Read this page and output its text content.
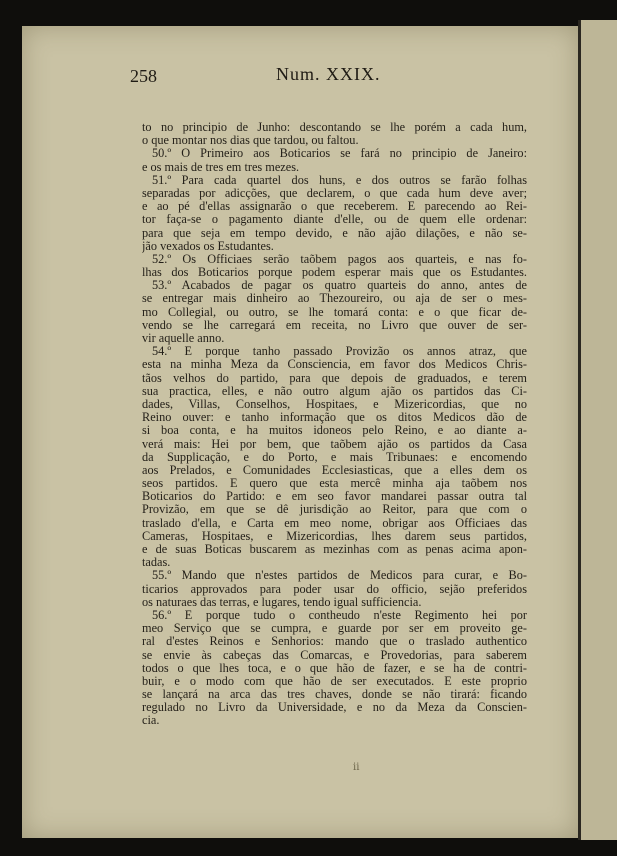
258	Num. XXIX.
to no principio de Junho: descontando se lhe porém a cada hum,
o que montar nos dias que tardou, ou faltou.
50.º O Primeiro aos Boticarios se fará no principio de Janeiro:
e os mais de tres em tres mezes.
51.º Para cada quartel dos huns, e dos outros se farão folhas
separadas por adicções, que declarem, o que cada hum deve aver;
e ao pé d'ellas assignarão o que receberem. E parecendo ao Rei-
tor faça-se o pagamento diante d'elle, ou de quem elle ordenar:
para que seja em tempo devido, e não ajão dilações, e não se-
jão vexados os Estudantes.
52.º Os Officiaes serão taõbem pagos aos quarteis, e nas fo-
lhas dos Boticarios porque podem esperar mais que os Estudantes.
53.º Acabados de pagar os quatro quarteis do anno, antes de
se entregar mais dinheiro ao Thezoureiro, ou aja de ser o mes-
mo Collegial, ou outro, se lhe tomará conta: e o que ficar de-
vendo se lhe carregará em receita, no Livro que ouver de ser-
vir aquelle anno.
54.º E porque tanho passado Provizão os annos atraz, que
esta na minha Meza da Consciencia, em favor dos Medicos Chris-
tãos velhos do partido, para que depois de graduados, e terem
sua practica, elles, e não outro algum ajão os partidos das Ci-
dades, Villas, Conselhos, Hospitaes, e Mizericordias, que no
Reino ouver: e tanho informação que os ditos Medicos dão de
si boa conta, e ha muitos idoneos pelo Reino, e ao diante a-
verá mais: Hei por bem, que taõbem ajão os partidos da Casa
da Supplicação, e do Porto, e mais Tribunaes: e encomendo
aos Prelados, e Comunidades Ecclesiasticas, que a elles dem os
seos partidos. E quero que esta mercê minha aja taõbem nos
Boticarios do Partido: e em seo favor mandarei passar outra tal
Provizão, em que se dê jurisdição ao Reitor, para que com o
traslado d'ella, e Carta em meo nome, obrigar aos Officiaes das
Cameras, Hospitaes, e Mizericordias, lhes darem seus partidos,
e de suas Boticas buscarem as mezinhas com as penas acima apon-
tadas.
55.º Mando que n'estes partidos de Medicos para curar, e Bo-
ticarios approvados para poder usar do officio, sejão preferidos
os naturaes das terras, e lugares, tendo igual sufficiencia.
56.º E porque tudo o contheudo n'este Regimento hei por
meo Serviço que se cumpra, e guarde por ser em proveito ge-
ral d'estes Reinos e Senhorios: mando que o traslado authentico
se envie às cabeças das Comarcas, e Provedorias, para saberem
todos o que lhes toca, e o que hão de fazer, e se ha de contri-
buir, e o modo com que hão de ser executados. E este proprio
se lançará na arca das tres chaves, donde se não tirará: ficando
regulado no Livro da Universidade, e no da Meza da Conscien-
cia.
ii
